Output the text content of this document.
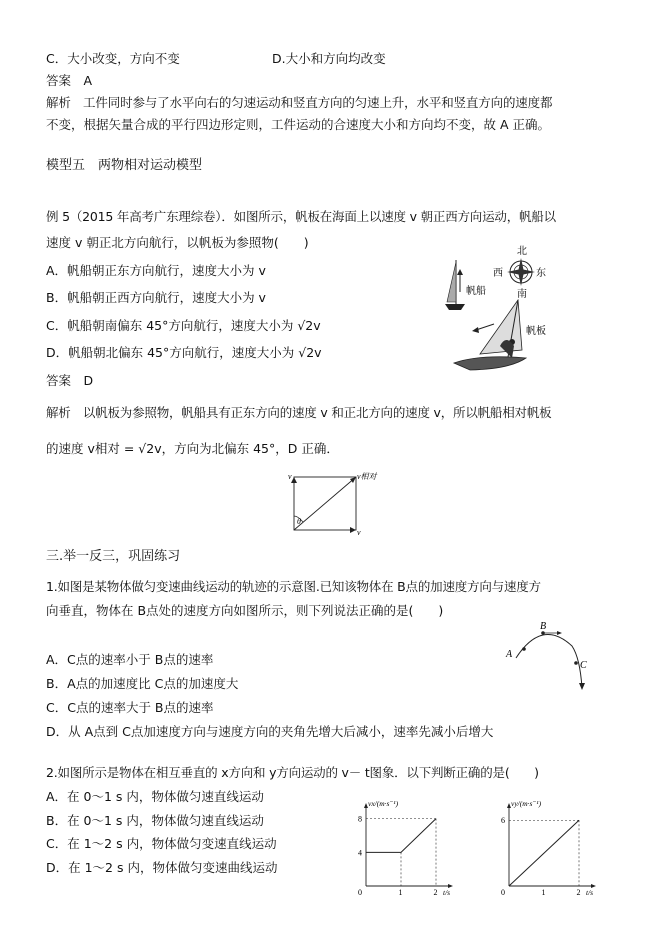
C．大小改变，方向不变	D.大小和方向均改变
答案　A
解析　工件同时参与了水平向右的匀速运动和竖直方向的匀速上升，水平和竖直方向的速度都
不变，根据矢量合成的平行四边形定则，工件运动的合速度大小和方向均不变，故 A 正确。
模型五　两物相对运动模型
例 5（2015 年高考广东理综卷）．如图所示，帆板在海面上以速度 v 朝正西方向运动，帆船以
速度 v 朝正北方向航行，以帆板为参照物(　　)
A．帆船朝正东方向航行，速度大小为 v
B．帆船朝正西方向航行，速度大小为 v
C．帆船朝南偏东 45°方向航行，速度大小为 √2v
D．帆船朝北偏东 45°方向航行，速度大小为 √2v
答案　D
解析　以帆板为参照物，帆船具有正东方向的速度 v 和正北方向的速度 v，所以帆船相对帆板
的速度 v相对 = √2v，方向为北偏东 45°，D 正确．
北
西	东
南
帆船
帆板
v	v相对
θ
v
三.举一反三，巩固练习
1.如图是某物体做匀变速曲线运动的轨迹的示意图.已知该物体在 B点的加速度方向与速度方
向垂直，物体在 B点处的速度方向如图所示，则下列说法正确的是(　　)
A．C点的速率小于 B点的速率
B．A点的加速度比 C点的加速度大
C．C点的速率大于 B点的速率
D．从 A点到 C点加速度方向与速度方向的夹角先增大后减小，速率先减小后增大
A
B
C
2.如图所示是物体在相互垂直的 x方向和 y方向运动的 v－ t图象．以下判断正确的是(　　)
A．在 0～1 s 内，物体做匀速直线运动
B．在 0～1 s 内，物体做匀速直线运动
C．在 1～2 s 内，物体做匀变速直线运动
D．在 1～2 s 内，物体做匀变速曲线运动
vx/(m·s⁻¹)
t/s
0	1	2
4
8
vy/(m·s⁻¹)
t/s
0	1	2
6
